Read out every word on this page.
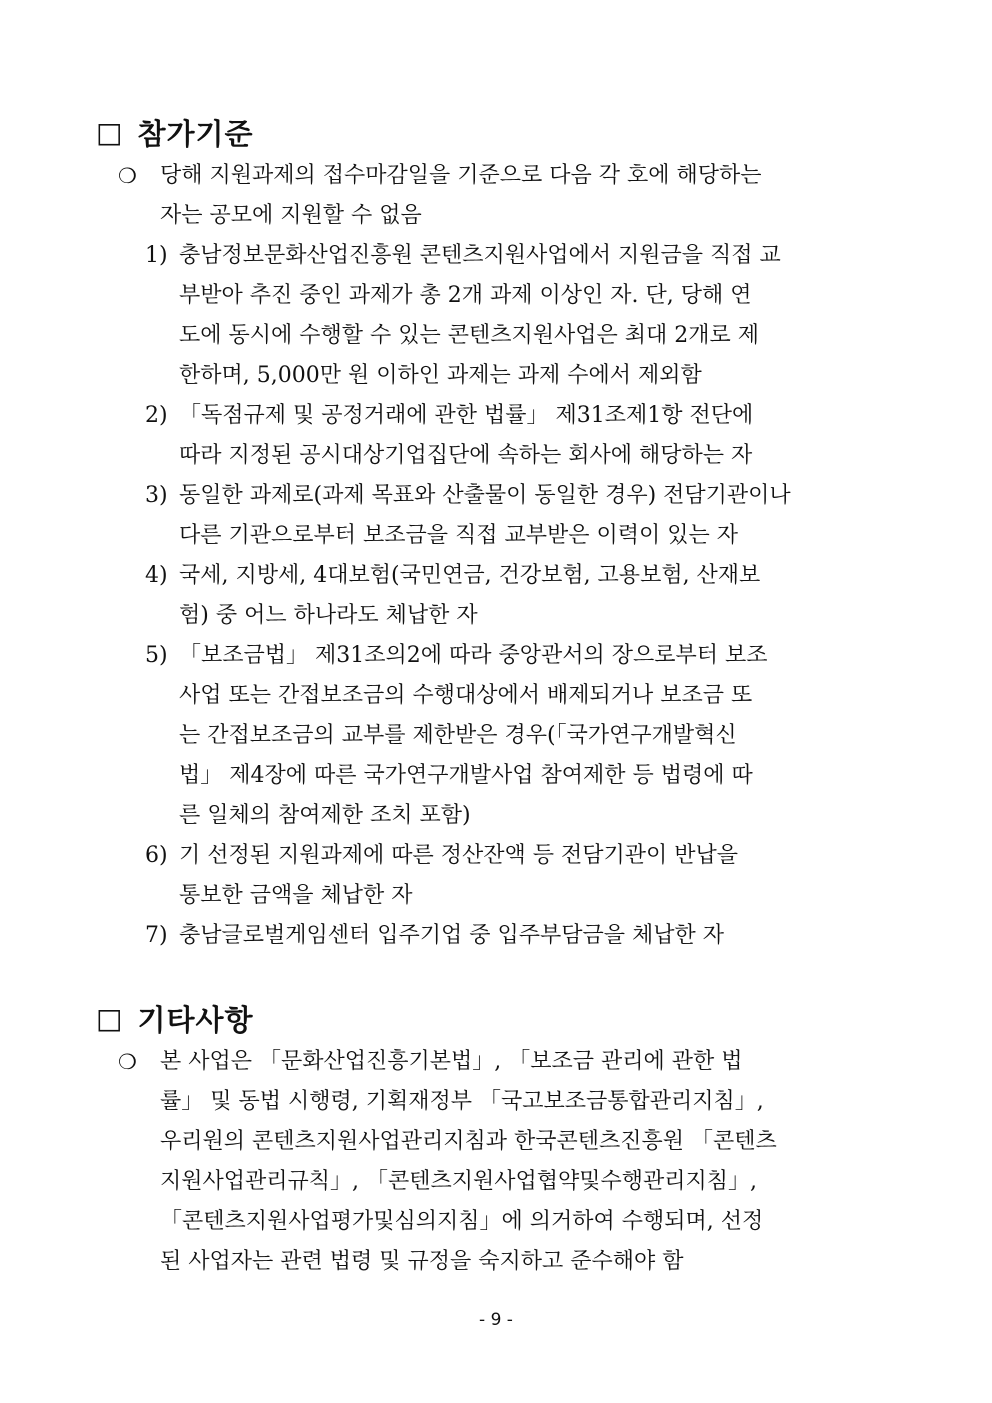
□ 참가기준
❍	당해 지원과제의 접수마감일을 기준으로 다음 각 호에 해당하는
자는 공모에 지원할 수 없음
1) 충남정보문화산업진흥원 콘텐츠지원사업에서 지원금을 직접 교
부받아 추진 중인 과제가 총 2개 과제 이상인 자. 단, 당해 연
도에 동시에 수행할 수 있는 콘텐츠지원사업은 최대 2개로 제
한하며, 5,000만 원 이하인 과제는 과제 수에서 제외함
2) 「독점규제 및 공정거래에 관한 법률」 제31조제1항 전단에
따라 지정된 공시대상기업집단에 속하는 회사에 해당하는 자
3) 동일한 과제로(과제 목표와 산출물이 동일한 경우) 전담기관이나
다른 기관으로부터 보조금을 직접 교부받은 이력이 있는 자
4) 국세, 지방세, 4대보험(국민연금, 건강보험, 고용보험, 산재보
험) 중 어느 하나라도 체납한 자
5) 「보조금법」 제31조의2에 따라 중앙관서의 장으로부터 보조
사업 또는 간접보조금의 수행대상에서 배제되거나 보조금 또
는 간접보조금의 교부를 제한받은 경우(「국가연구개발혁신
법」 제4장에 따른 국가연구개발사업 참여제한 등 법령에 따
른 일체의 참여제한 조치 포함)
6) 기 선정된 지원과제에 따른 정산잔액 등 전담기관이 반납을
통보한 금액을 체납한 자
7) 충남글로벌게임센터 입주기업 중 입주부담금을 체납한 자
□ 기타사항
❍	본 사업은 「문화산업진흥기본법」, 「보조금 관리에 관한 법
률」 및 동법 시행령, 기획재정부 「국고보조금통합관리지침」,
우리원의 콘텐츠지원사업관리지침과 한국콘텐츠진흥원 「콘텐츠
지원사업관리규칙」, 「콘텐츠지원사업협약및수행관리지침」,
「콘텐츠지원사업평가및심의지침」에 의거하여 수행되며, 선정
된 사업자는 관련 법령 및 규정을 숙지하고 준수해야 함
- 9 -
